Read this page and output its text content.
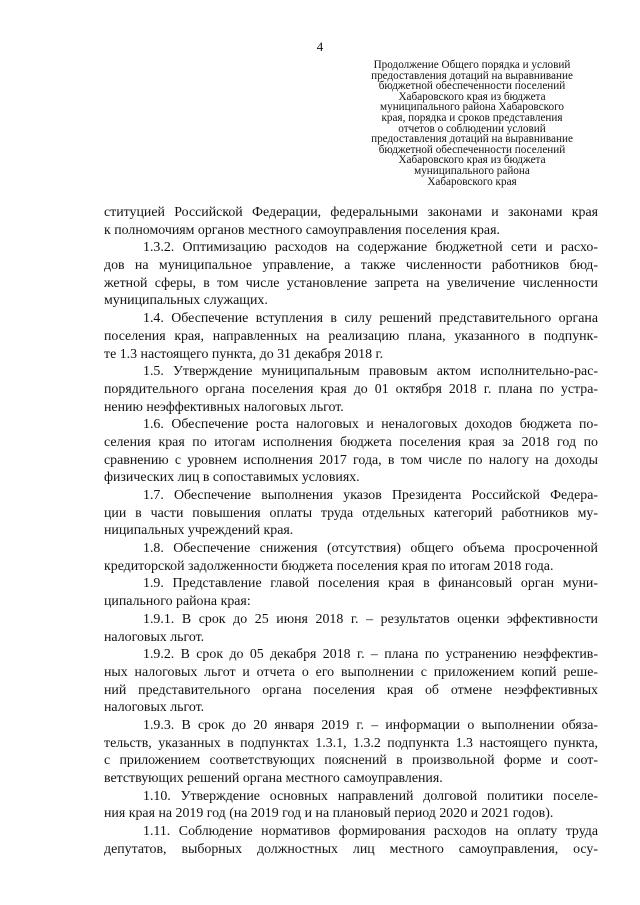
4
Продолжение Общего порядка и условий
предоставления дотаций на выравнивание
бюджетной обеспеченности поселений
Хабаровского края из бюджета
муниципального района Хабаровского
края, порядка и сроков представления
отчетов о соблюдении условий
предоставления дотаций на выравнивание
бюджетной обеспеченности поселений
Хабаровского края из бюджета
муниципального района
Хабаровского края
ституцией Российской Федерации, федеральными законами и законами края
к полномочиям органов местного самоуправления поселения края.
1.3.2. Оптимизацию расходов на содержание бюджетной сети и расхо-
дов на муниципальное управление, а также численности работников бюд-
жетной сферы, в том числе установление запрета на увеличение численности
муниципальных служащих.
1.4. Обеспечение вступления в силу решений представительного органа
поселения края, направленных на реализацию плана, указанного в подпунк-
те 1.3 настоящего пункта, до 31 декабря 2018 г.
1.5. Утверждение муниципальным правовым актом исполнительно-рас-
порядительного органа поселения края до 01 октября 2018 г. плана по устра-
нению неэффективных налоговых льгот.
1.6. Обеспечение роста налоговых и неналоговых доходов бюджета по-
селения края по итогам исполнения бюджета поселения края за 2018 год по
сравнению с уровнем исполнения 2017 года, в том числе по налогу на доходы
физических лиц в сопоставимых условиях.
1.7. Обеспечение выполнения указов Президента Российской Федера-
ции в части повышения оплаты труда отдельных категорий работников му-
ниципальных учреждений края.
1.8. Обеспечение снижения (отсутствия) общего объема просроченной
кредиторской задолженности бюджета поселения края по итогам 2018 года.
1.9. Представление главой поселения края в финансовый орган муни-
ципального района края:
1.9.1. В срок до 25 июня 2018 г. – результатов оценки эффективности
налоговых льгот.
1.9.2. В срок до 05 декабря 2018 г. – плана по устранению неэффектив-
ных налоговых льгот и отчета о его выполнении с приложением копий реше-
ний представительного органа поселения края об отмене неэффективных
налоговых льгот.
1.9.3. В срок до 20 января 2019 г. – информации о выполнении обяза-
тельств, указанных в подпунктах 1.3.1, 1.3.2 подпункта 1.3 настоящего пункта,
с приложением соответствующих пояснений в произвольной форме и соот-
ветствующих решений органа местного самоуправления.
1.10. Утверждение основных направлений долговой политики поселе-
ния края на 2019 год (на 2019 год и на плановый период 2020 и 2021 годов).
1.11. Соблюдение нормативов формирования расходов на оплату труда
депутатов, выборных должностных лиц местного самоуправления, осу-
